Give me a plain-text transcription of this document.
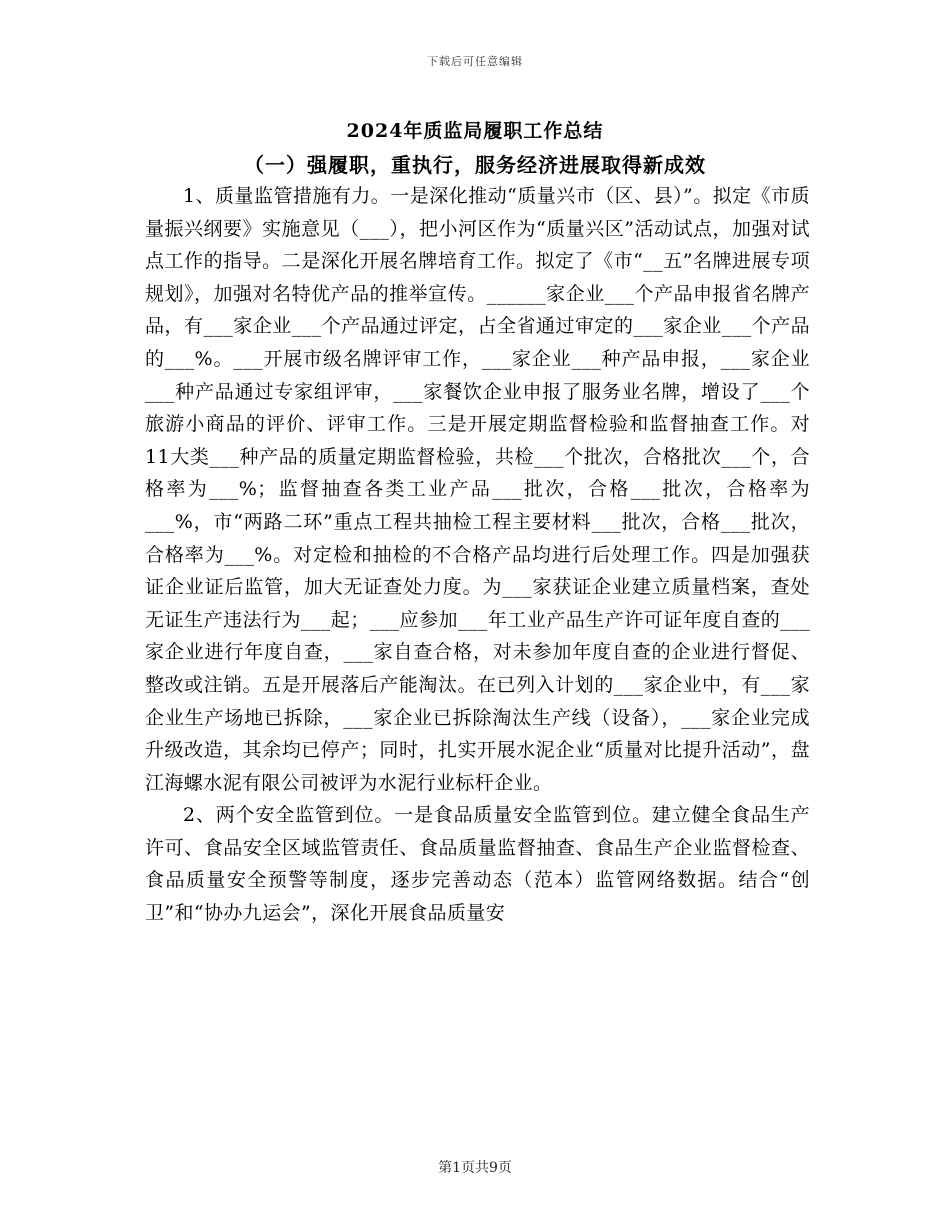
下载后可任意编辑
2024年质监局履职工作总结
（一）强履职，重执行，服务经济进展取得新成效

1、质量监管措施有力。一是深化推动“质量兴市（区、县）”。拟定《市质量振兴纲要》实施意见（___），把小河区作为“质量兴区”活动试点，加强对试点工作的指导。二是深化开展名牌培育工作。拟定了《市“__五”名牌进展专项规划》，加强对名特优产品的推举宣传。______家企业___个产品申报省名牌产品，有___家企业___个产品通过评定，占全省通过审定的___家企业___个产品的___%。___开展市级名牌评审工作，___家企业___种产品申报，___家企业___种产品通过专家组评审，___家餐饮企业申报了服务业名牌，增设了___个旅游小商品的评价、评审工作。三是开展定期监督检验和监督抽查工作。对11大类___种产品的质量定期监督检验，共检___个批次，合格批次___个，合格率为___%；监督抽查各类工业产品___批次，合格___批次，合格率为___%，市“两路二环”重点工程共抽检工程主要材料___批次，合格___批次，合格率为___%。对定检和抽检的不合格产品均进行后处理工作。四是加强获证企业证后监管，加大无证查处力度。为___家获证企业建立质量档案，查处无证生产违法行为___起；___应参加___年工业产品生产许可证年度自查的___家企业进行年度自查，___家自查合格，对未参加年度自查的企业进行督促、整改或注销。五是开展落后产能淘汰。在已列入计划的___家企业中，有___家企业生产场地已拆除，___家企业已拆除淘汰生产线（设备），___家企业完成升级改造，其余均已停产；同时，扎实开展水泥企业“质量对比提升活动”，盘江海螺水泥有限公司被评为水泥行业标杆企业。

2、两个安全监管到位。一是食品质量安全监管到位。建立健全食品生产许可、食品安全区域监管责任、食品质量监督抽查、食品生产企业监督检查、食品质量安全预警等制度，逐步完善动态（范本）监管网络数据。结合“创卫”和“协办九运会”，深化开展食品质量安

第1页共9页
